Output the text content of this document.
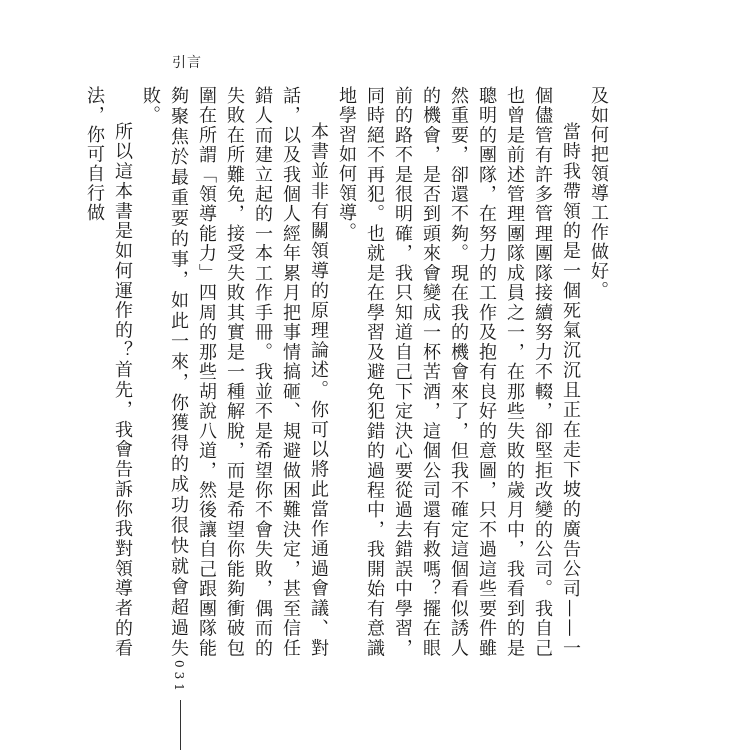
引言

及如何把領導工作做好。

當時我帶領的是一個死氣沉沉且正在走下坡的廣告公司——一個儘管有許多管理團隊接續努力不輟，卻堅拒改變的公司。我自己也曾是前述管理團隊成員之一，在那些失敗的歲月中，我看到的是聰明的團隊，在努力的工作及抱有良好的意圖，只不過這些要件雖然重要，卻還不夠。現在我的機會來了，但我不確定這個看似誘人的機會，是否到頭來會變成一杯苦酒，這個公司還有救嗎？擺在眼前的路不是很明確，我只知道自己下定決心要從過去錯誤中學習，同時絕不再犯。也就是在學習及避免犯錯的過程中，我開始有意識地學習如何領導。

本書並非有關領導的原理論述。你可以將此當作通過會議、對話，以及我個人經年累月把事情搞砸、規避做困難決定，甚至信任錯人而建立起的一本工作手冊。我並不是希望你不會失敗，偶而的失敗在所難免，接受失敗其實是一種解脫，而是希望你能夠衝破包圍在所謂「領導能力」四周的那些胡說八道，然後讓自己跟團隊能夠聚焦於最重要的事，如此一來，你獲得的成功很快就會超過失敗。

所以這本書是如何運作的？首先，我會告訴你我對領導者的看法，你可自行做

031
